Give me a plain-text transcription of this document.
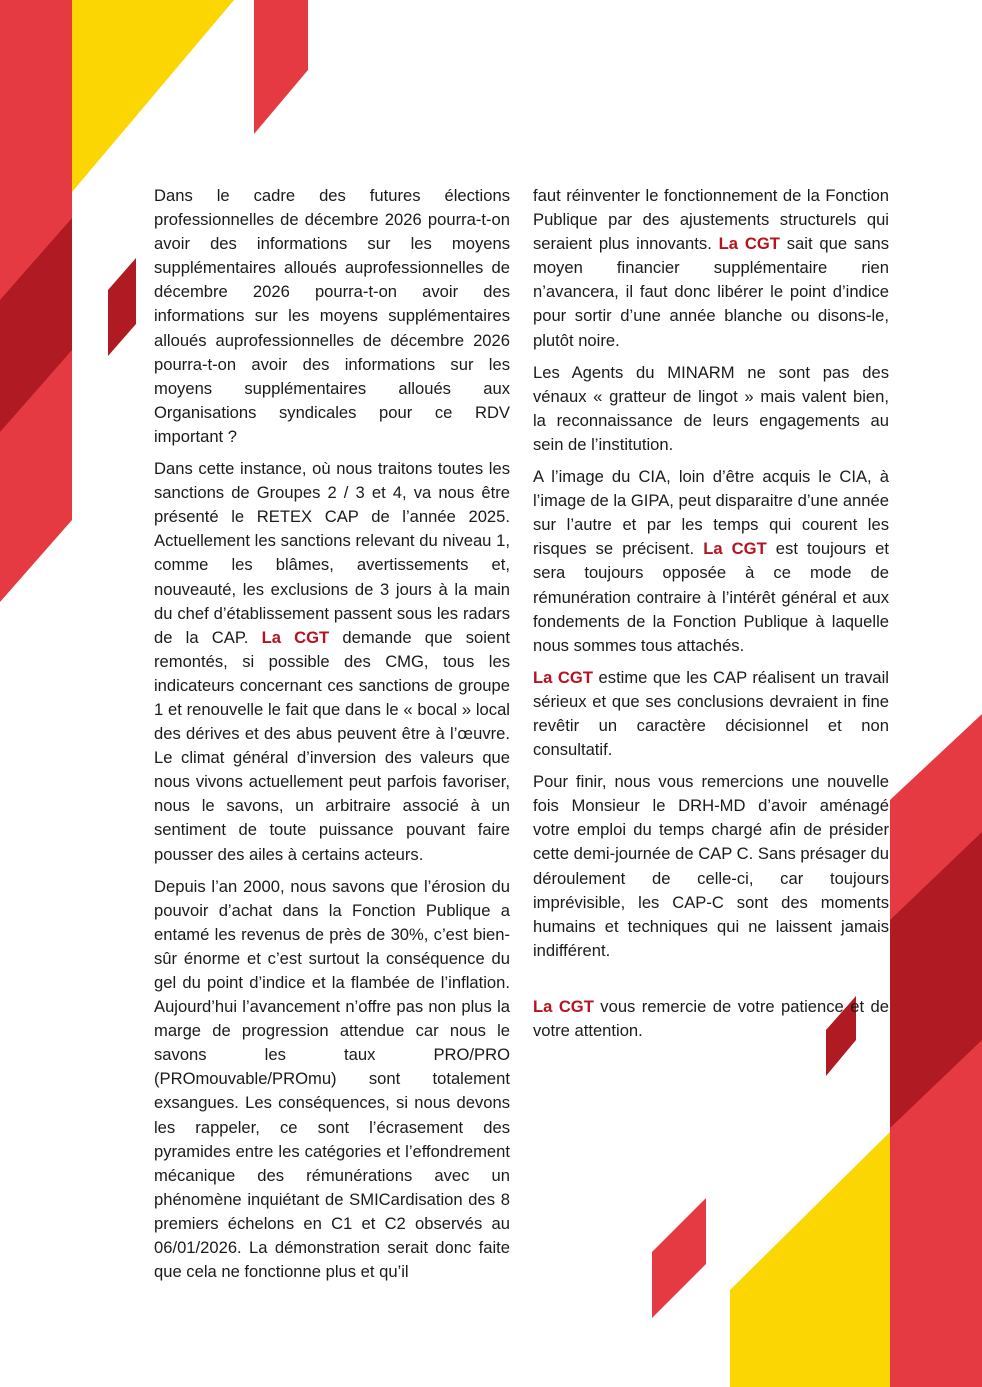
Dans le cadre des futures élections professionnelles de décembre 2026 pourra-t-on avoir des informations sur les moyens supplémentaires alloués auprofessionnelles de décembre 2026 pourra-t-on avoir des informations sur les moyens supplémentaires alloués auprofessionnelles de décembre 2026 pourra-t-on avoir des informations sur les moyens supplémentaires alloués aux Organisations syndicales pour ce RDV important ?

Dans cette instance, où nous traitons toutes les sanctions de Groupes 2 / 3 et 4, va nous être présenté le RETEX CAP de l’année 2025. Actuellement les sanctions relevant du niveau 1, comme les blâmes, avertissements et, nouveauté, les exclusions de 3 jours à la main du chef d’établissement passent sous les radars de la CAP. La CGT demande que soient remontés, si possible des CMG, tous les indicateurs concernant ces sanctions de groupe 1 et renouvelle le fait que dans le « bocal » local des dérives et des abus peuvent être à l’œuvre. Le climat général d’inversion des valeurs que nous vivons actuellement peut parfois favoriser, nous le savons, un arbitraire associé à un sentiment de toute puissance pouvant faire pousser des ailes à certains acteurs.

Depuis l’an 2000, nous savons que l’érosion du pouvoir d’achat dans la Fonction Publique a entamé les revenus de près de 30%, c’est bien-sûr énorme et c’est surtout la conséquence du gel du point d’indice et la flambée de l’inflation. Aujourd’hui l’avancement n’offre pas non plus la marge de progression attendue car nous le savons les taux PRO/PRO (PROmouvable/PROmu) sont totalement exsangues. Les conséquences, si nous devons les rappeler, ce sont l’écrasement des pyramides entre les catégories et l’effondrement mécanique des rémunérations avec un phénomène inquiétant de SMICardisation des 8 premiers échelons en C1 et C2 observés au 06/01/2026. La démonstration serait donc faite que cela ne fonctionne plus et qu’il

faut réinventer le fonctionnement de la Fonction Publique par des ajustements structurels qui seraient plus innovants. La CGT sait que sans moyen financier supplémentaire rien n’avancera, il faut donc libérer le point d’indice pour sortir d’une année blanche ou disons-le, plutôt noire.

Les Agents du MINARM ne sont pas des vénaux « gratteur de lingot » mais valent bien, la reconnaissance de leurs engagements au sein de l’institution.

A l’image du CIA, loin d’être acquis le CIA, à l’image de la GIPA, peut disparaitre d’une année sur l’autre et par les temps qui courent les risques se précisent. La CGT est toujours et sera toujours opposée à ce mode de rémunération contraire à l’intérêt général et aux fondements de la Fonction Publique à laquelle nous sommes tous attachés.

La CGT estime que les CAP réalisent un travail sérieux et que ses conclusions devraient in fine revêtir un caractère décisionnel et non consultatif.

Pour finir, nous vous remercions une nouvelle fois Monsieur le DRH-MD d’avoir aménagé votre emploi du temps chargé afin de présider cette demi-journée de CAP C. Sans présager du déroulement de celle-ci, car toujours imprévisible, les CAP-C sont des moments humains et techniques qui ne laissent jamais indifférent.

La CGT vous remercie de votre patience et de votre attention.
